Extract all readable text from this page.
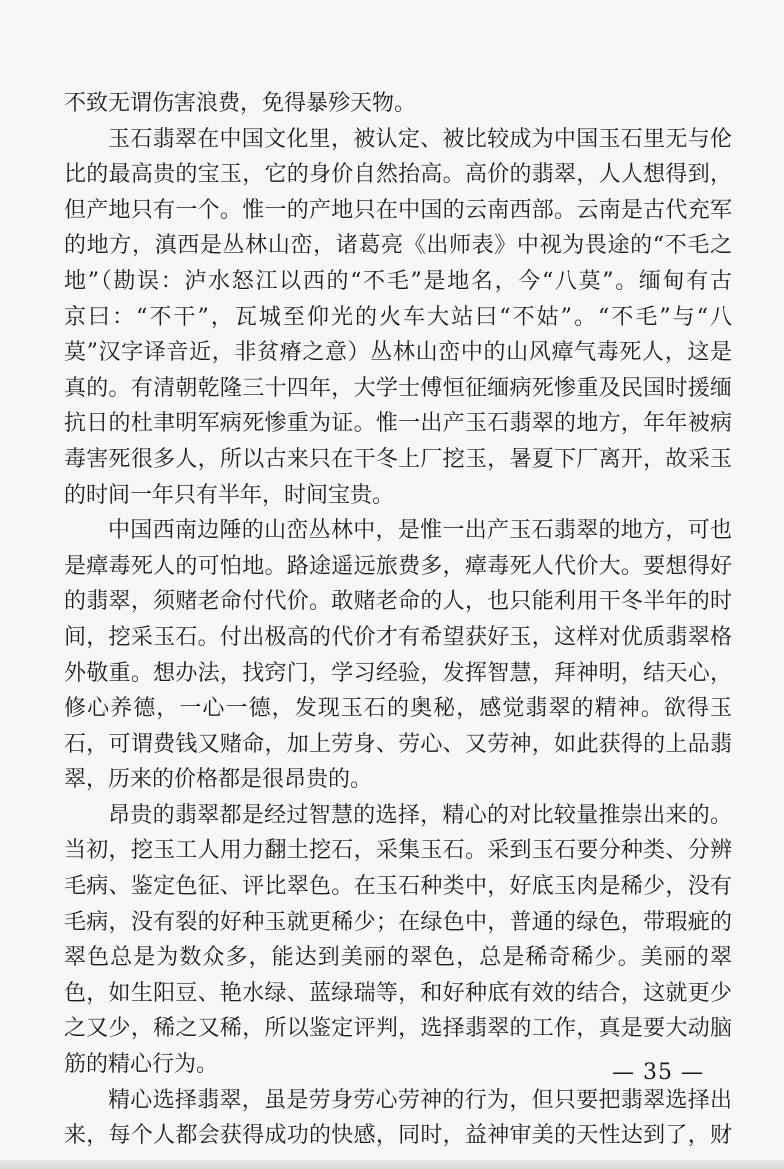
不致无谓伤害浪费，免得暴殄天物。
玉石翡翠在中国文化里，被认定、被比较成为中国玉石里无与伦
比的最高贵的宝玉，它的身价自然抬高。高价的翡翠，人人想得到，
但产地只有一个。惟一的产地只在中国的云南西部。云南是古代充军
的地方，滇西是丛林山峦，诸葛亮《出师表》中视为畏途的“不毛之
地”（勘误：泸水怒江以西的“不毛”是地名，今“八莫”。缅甸有古
京曰：“不干”，瓦城至仰光的火车大站曰“不姑”。“不毛”与“八
莫”汉字译音近，非贫瘠之意）丛林山峦中的山风瘴气毒死人，这是
真的。有清朝乾隆三十四年，大学士傅恒征缅病死惨重及民国时援缅
抗日的杜聿明军病死惨重为证。惟一出产玉石翡翠的地方，年年被病
毒害死很多人，所以古来只在干冬上厂挖玉，暑夏下厂离开，故采玉
的时间一年只有半年，时间宝贵。
中国西南边陲的山峦丛林中，是惟一出产玉石翡翠的地方，可也
是瘴毒死人的可怕地。路途遥远旅费多，瘴毒死人代价大。要想得好
的翡翠，须赌老命付代价。敢赌老命的人，也只能利用干冬半年的时
间，挖采玉石。付出极高的代价才有希望获好玉，这样对优质翡翠格
外敬重。想办法，找窍门，学习经验，发挥智慧，拜神明，结天心，
修心养德，一心一德，发现玉石的奥秘，感觉翡翠的精神。欲得玉
石，可谓费钱又赌命，加上劳身、劳心、又劳神，如此获得的上品翡
翠，历来的价格都是很昂贵的。
昂贵的翡翠都是经过智慧的选择，精心的对比较量推崇出来的。
当初，挖玉工人用力翻土挖石，采集玉石。采到玉石要分种类、分辨
毛病、鉴定色征、评比翠色。在玉石种类中，好底玉肉是稀少，没有
毛病，没有裂的好种玉就更稀少；在绿色中，普通的绿色，带瑕疵的
翠色总是为数众多，能达到美丽的翠色，总是稀奇稀少。美丽的翠
色，如生阳豆、艳水绿、蓝绿瑞等，和好种底有效的结合，这就更少
之又少，稀之又稀，所以鉴定评判，选择翡翠的工作，真是要大动脑
筋的精心行为。
精心选择翡翠，虽是劳身劳心劳神的行为，但只要把翡翠选择出
来，每个人都会获得成功的快感，同时，益神审美的天性达到了，财
— 35 —
